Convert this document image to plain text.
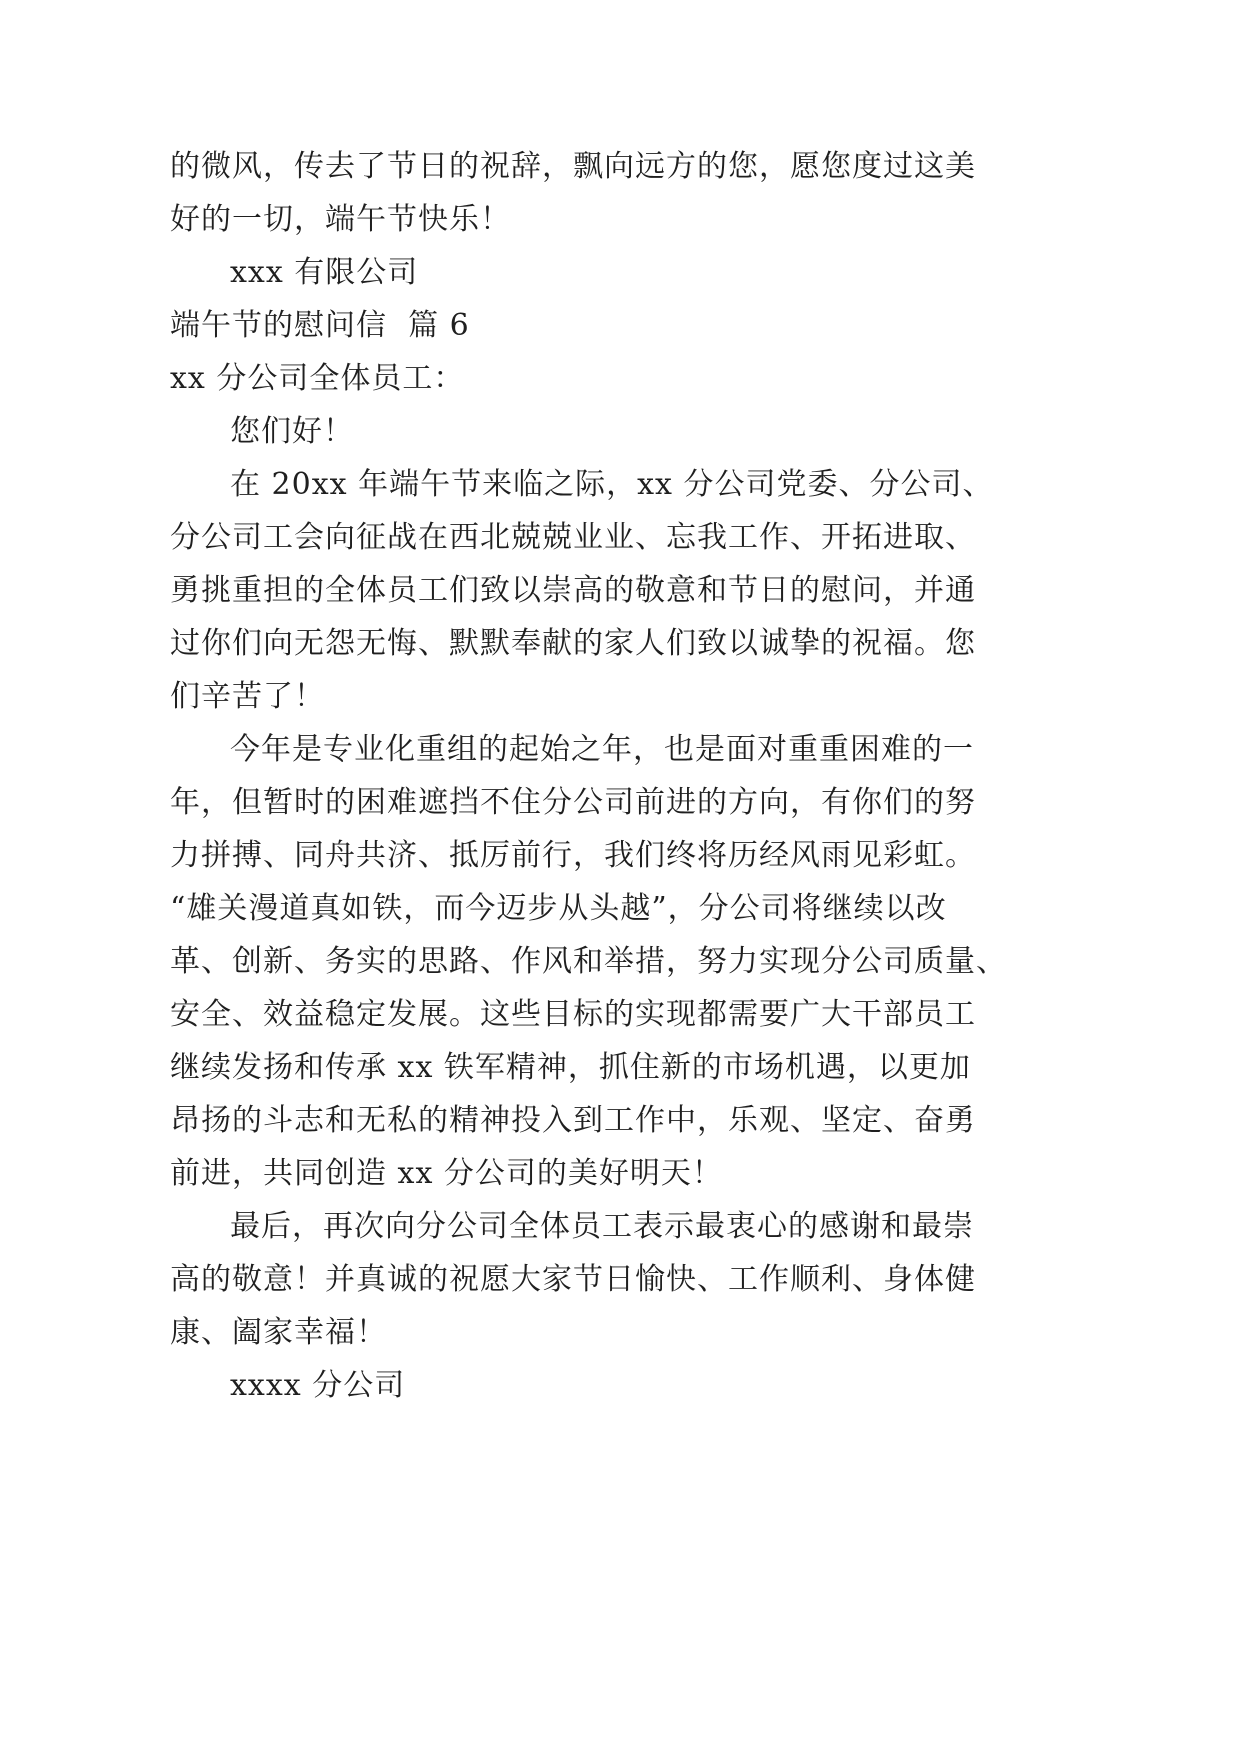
的微风，传去了节日的祝辞，飘向远方的您，愿您度过这美
好的一切，端午节快乐！
xxx 有限公司
端午节的慰问信  篇 6
xx 分公司全体员工：
您们好！
在 20xx 年端午节来临之际，xx 分公司党委、分公司、
分公司工会向征战在西北兢兢业业、忘我工作、开拓进取、
勇挑重担的全体员工们致以崇高的敬意和节日的慰问，并通
过你们向无怨无悔、默默奉献的家人们致以诚挚的祝福。您
们辛苦了！
今年是专业化重组的起始之年，也是面对重重困难的一
年，但暂时的困难遮挡不住分公司前进的方向，有你们的努
力拼搏、同舟共济、抵厉前行，我们终将历经风雨见彩虹。
“雄关漫道真如铁，而今迈步从头越”，分公司将继续以改
革、创新、务实的思路、作风和举措，努力实现分公司质量、
安全、效益稳定发展。这些目标的实现都需要广大干部员工
继续发扬和传承 xx 铁军精神，抓住新的市场机遇，以更加
昂扬的斗志和无私的精神投入到工作中，乐观、坚定、奋勇
前进，共同创造 xx 分公司的美好明天！
最后，再次向分公司全体员工表示最衷心的感谢和最崇
高的敬意！并真诚的祝愿大家节日愉快、工作顺利、身体健
康、阖家幸福！
xxxx 分公司
